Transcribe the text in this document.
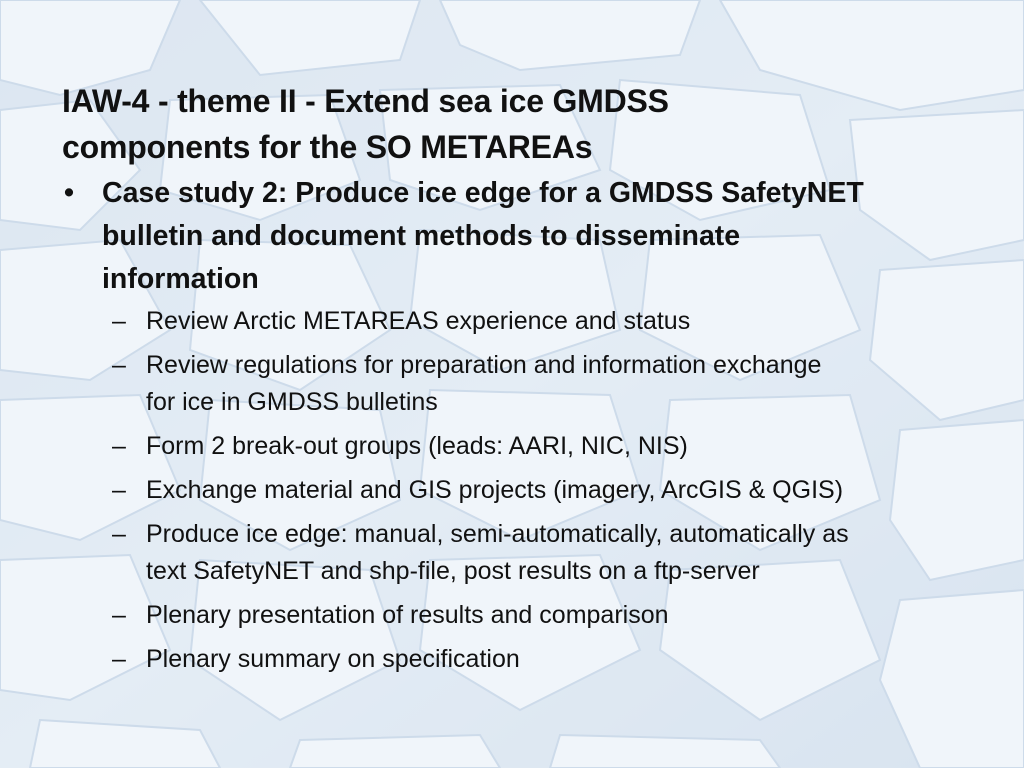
IAW-4 - theme II - Extend sea ice GMDSS
components for the SO METAREAs
• Case study 2: Produce ice edge for a GMDSS SafetyNET
bulletin and document methods to disseminate
information
– Review Arctic METAREAS experience and status
– Review regulations for preparation and information exchange
for ice in GMDSS bulletins
– Form 2 break-out groups (leads: AARI, NIC, NIS)
– Exchange material and GIS projects (imagery, ArcGIS & QGIS)
– Produce ice edge: manual, semi-automatically, automatically as
text SafetyNET and shp-file, post results on a ftp-server
– Plenary presentation of results and comparison
– Plenary summary on specification
